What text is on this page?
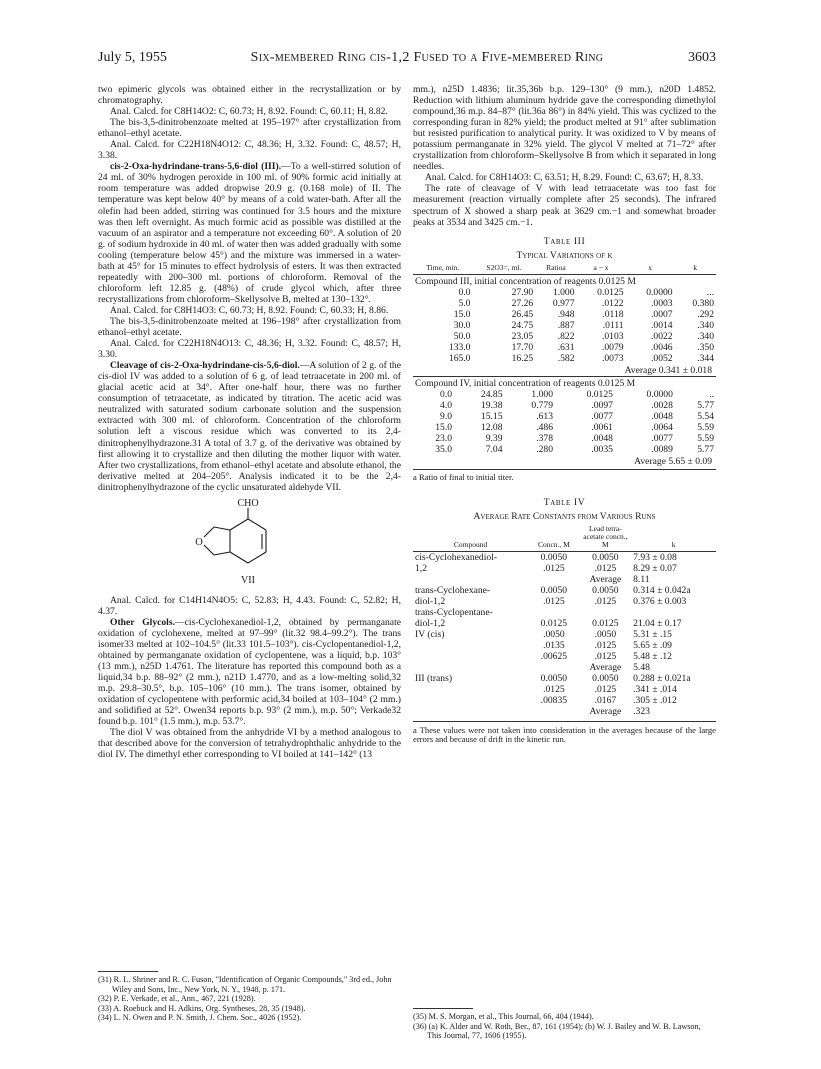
July 5, 1955	Six-membered Ring cis-1,2 Fused to a Five-membered Ring	3603

two epimeric glycols was obtained either in the recrystallization or by chromatography.

Anal. Calcd. for C8H14O2: C, 60.73; H, 8.92. Found: C, 60.11; H, 8.82.

The bis-3,5-dinitrobenzoate melted at 195–197° after crystallization from ethanol–ethyl acetate.

Anal. Calcd. for C22H18N4O12: C, 48.36; H, 3.32. Found: C, 48.57; H, 3.38.

cis-2-Oxa-hydrindane-trans-5,6-diol (III).—To a well-stirred solution of 24 ml. of 30% hydrogen peroxide in 100 ml. of 90% formic acid initially at room temperature was added dropwise 20.9 g. (0.168 mole) of II. The temperature was kept below 40° by means of a cold water-bath. After all the olefin had been added, stirring was continued for 3.5 hours and the mixture was then left overnight. As much formic acid as possible was distilled at the vacuum of an aspirator and a temperature not exceeding 60°. A solution of 20 g. of sodium hydroxide in 40 ml. of water then was added gradually with some cooling (temperature below 45°) and the mixture was immersed in a water-bath at 45° for 15 minutes to effect hydrolysis of esters. It was then extracted repeatedly with 200–300 ml. portions of chloroform. Removal of the chloroform left 12.85 g. (48%) of crude glycol which, after three recrystallizations from chloroform–Skellysolve B, melted at 130–132°.

Anal. Calcd. for C8H14O3: C, 60.73; H, 8.92. Found: C, 60.33; H, 8.86.

The bis-3,5-dinitrobenzoate melted at 196–198° after crystallization from ethanol–ethyl acetate.

Anal. Calcd. for C22H18N4O13: C, 48.36; H, 3.32. Found: C, 48.57; H, 3.30.

Cleavage of cis-2-Oxa-hydrindane-cis-5,6-diol.—A solution of 2 g. of the cis-diol IV was added to a solution of 6 g. of lead tetraacetate in 200 ml. of glacial acetic acid at 34°. After one-half hour, there was no further consumption of tetraacetate, as indicated by titration. The acetic acid was neutralized with saturated sodium carbonate solution and the suspension extracted with 300 ml. of chloroform. Concentration of the chloroform solution left a viscous residue which was converted to its 2,4-dinitrophenylhydrazone.31 A total of 3.7 g. of the derivative was obtained by first allowing it to crystallize and then diluting the mother liquor with water. After two crystallizations, from ethanol–ethyl acetate and absolute ethanol, the derivative melted at 204–205°. Analysis indicated it to be the 2,4-dinitrophenylhydrazone of the cyclic unsaturated aldehyde VII.

CHO
O
VII

Anal. Calcd. for C14H14N4O5: C, 52.83; H, 4.43. Found: C, 52.82; H, 4.37.

Other Glycols.—cis-Cyclohexanediol-1,2, obtained by permanganate oxidation of cyclohexene, melted at 97–99° (lit.32 98.4–99.2°). The trans isomer33 melted at 102–104.5° (lit.33 101.5–103°). cis-Cyclopentanediol-1,2, obtained by permanganate oxidation of cyclopentene, was a liquid, b.p. 103° (13 mm.), n25D 1.4761. The literature has reported this compound both as a liquid,34 b.p. 88–92° (2 mm.), n21D 1.4770, and as a low-melting solid,32 m.p. 29.8–30.5°, b.p. 105–106° (10 mm.). The trans isomer, obtained by oxidation of cyclopentene with performic acid,34 boiled at 103–104° (2 mm.) and solidified at 52°. Owen34 reports b.p. 93° (2 mm.), m.p. 50°; Verkade32 found b.p. 101° (1.5 mm.), m.p. 53.7°.

The diol V was obtained from the anhydride VI by a method analogous to that described above for the conversion of tetrahydrophthalic anhydride to the diol IV. The dimethyl ether corresponding to VI boiled at 141–142° (13

(31) R. L. Shriner and R. C. Fuson, "Identification of Organic Compounds," 3rd ed., John Wiley and Sons, Inc., New York, N. Y., 1948, p. 171.

(32) P. E. Verkade, et al., Ann., 467, 221 (1928).

(33) A. Roebuck and H. Adkins, Org. Syntheses, 28, 35 (1948).

(34) L. N. Owen and P. N. Smith, J. Chem. Soc., 4026 (1952).

mm.), n25D 1.4836; lit.35,36b b.p. 129–130° (9 mm.), n20D 1.4852. Reduction with lithium aluminum hydride gave the corresponding dimethylol compound,36 m.p. 84–87° (lit.36a 86°) in 84% yield. This was cyclized to the corresponding furan in 82% yield; the product melted at 91° after sublimation but resisted purification to analytical purity. It was oxidized to V by means of potassium permanganate in 32% yield. The glycol V melted at 71–72° after crystallization from chloroform–Skellysolve B from which it separated in long needles.

Anal. Calcd. for C8H14O3: C, 63.51; H, 8.29. Found: C, 63.67; H, 8.33.

The rate of cleavage of V with lead tetraacetate was too fast for measurement (reaction virtually complete after 25 seconds). The infrared spectrum of X showed a sharp peak at 3629 cm.−1 and somewhat broader peaks at 3534 and 3425 cm.−1.

Table III
Typical Variations of k
Time, min.	S2O3=, ml.	Ratioa	a − x	x	k
Compound III, initial concentration of reagents 0.0125 M					
0.0	27.90	1.000	0.0125	0.0000	...
5.0	27.26	0.977	.0122	.0003	0.380
15.0	26.45	.948	.0118	.0007	.292
30.0	24.75	.887	.0111	.0014	.340
50.0	23.05	.822	.0103	.0022	.340
133.0	17.70	.631	.0079	.0046	.350
165.0	16.25	.582	.0073	.0052	.344
Average 0.341 ± 0.018
Compound IV, initial concentration of reagents 0.0125 M					
0.0	24.85	1.000	0.0125	0.0000	..
4.0	19.38	0.779	.0097	.0028	5.77
9.0	15.15	.613	.0077	.0048	5.54
15.0	12.08	.486	.0061	.0064	5.59
23.0	9.39	.378	.0048	.0077	5.59
35.0	7.04	.280	.0035	.0089	5.77
Average 5.65 ± 0.09
a Ratio of final to initial titer.
Table IV
Average Rate Constants from Various Runs
Compound	Concn., M	Lead tetra-acetate concn., M	k
cis-Cyclohexanediol-	0.0050	0.0050	7.93 ± 0.08
1,2	.0125	.0125	8.29 ± 0.07
		Average	8.11
trans-Cyclohexane-	0.0050	0.0050	0.314 ± 0.042a
diol-1,2	.0125	.0125	0.376 ± 0.003
trans-Cyclopentane-			
diol-1,2	0.0125	0.0125	21.04 ± 0.17
IV (cis)	.0050	.0050	5.31 ± .15
	.0135	.0125	5.65 ± .09
	.00625	.0125	5.48 ± .12
		Average	5.48
III (trans)	0.0050	0.0050	0.288 ± 0.021a
	.0125	.0125	.341 ± .014
	.00835	.0167	.305 ± .012
		Average	.323
a These values were not taken into consideration in the averages because of the large errors and because of drift in the kinetic run.

(35) M. S. Morgan, et al., This Journal, 66, 404 (1944).

(36) (a) K. Alder and W. Roth, Ber., 87, 161 (1954); (b) W. J. Bailey and W. B. Lawson, This Journal, 77, 1606 (1955).
